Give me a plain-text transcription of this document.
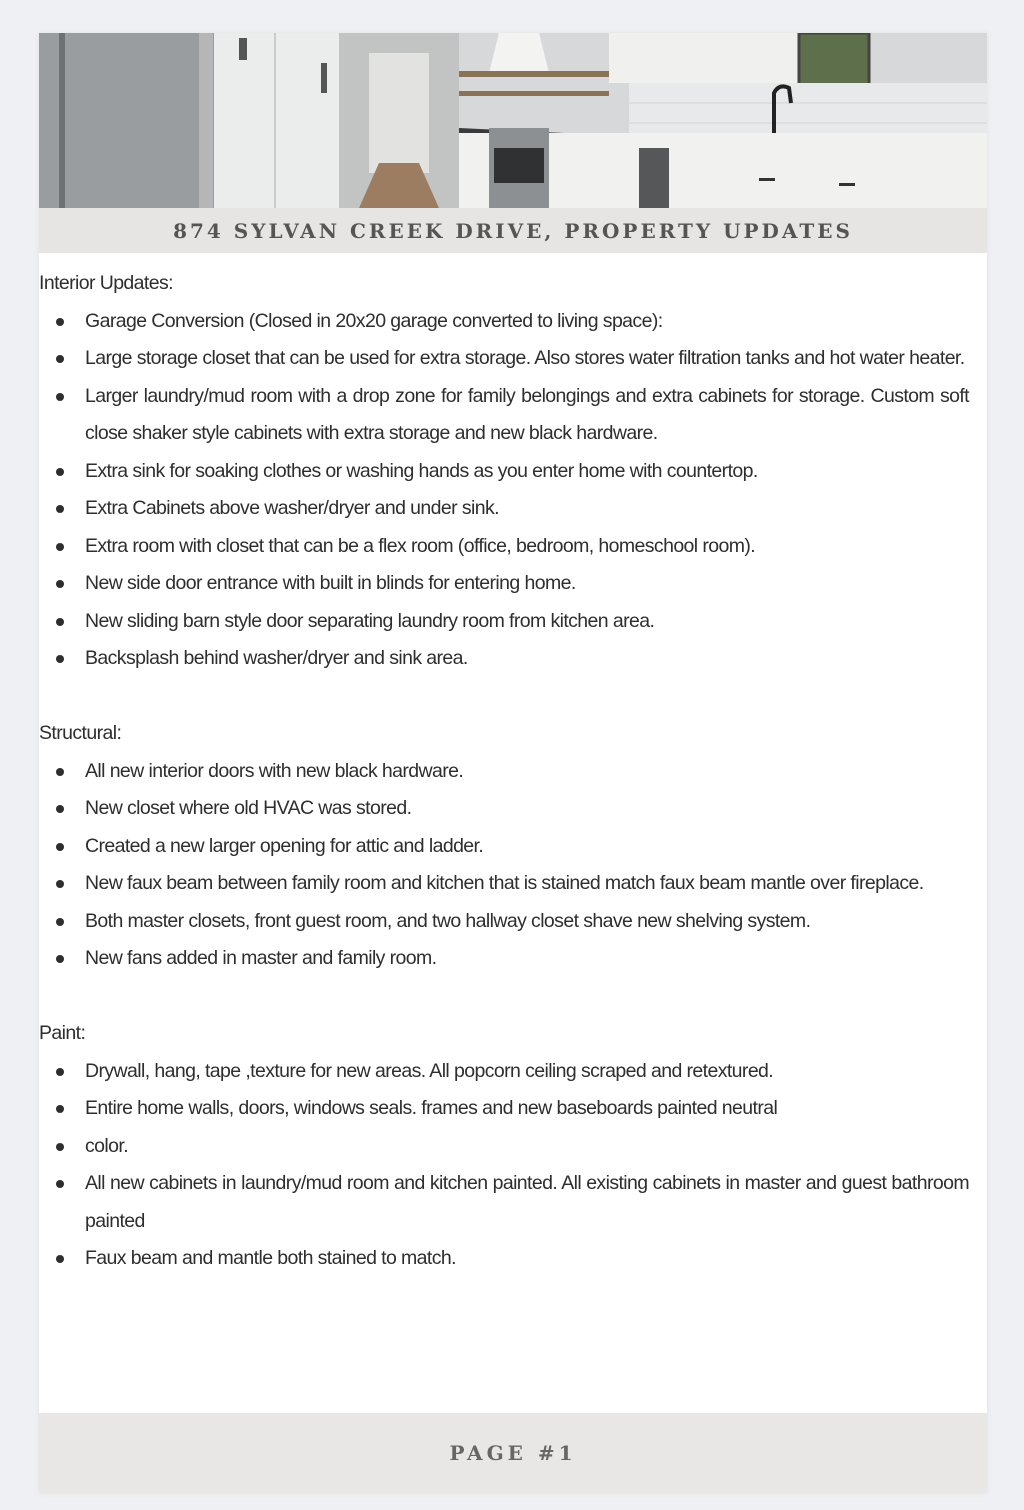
874 SYLVAN CREEK DRIVE, PROPERTY UPDATES
Interior Updates:
Garage Conversion (Closed in 20x20 garage converted to living space):
Large storage closet that can be used for extra storage. Also stores water filtration tanks and hot water heater.
Larger laundry/mud room with a drop zone for family belongings and extra cabinets for storage. Custom soft close shaker style cabinets with extra storage and new black hardware.
Extra sink for soaking clothes or washing hands as you enter home with countertop.
Extra Cabinets above washer/dryer and under sink.
Extra room with closet that can be a flex room (office, bedroom, homeschool room).
New side door entrance with built in blinds for entering home.
New sliding barn style door separating laundry room from kitchen area.
Backsplash behind washer/dryer and sink area.
Structural:
All new interior doors with new black hardware.
New closet where old HVAC was stored.
Created a new larger opening for attic and ladder.
New faux beam between family room and kitchen that is stained match faux beam mantle over fireplace.
Both master closets, front guest room, and two hallway closet shave new shelving system.
New fans added in master and family room.
Paint:
Drywall, hang, tape ,texture for new areas. All popcorn ceiling scraped and retextured.
Entire home walls, doors, windows seals. frames and new baseboards painted neutral
color.
All new cabinets in laundry/mud room and kitchen painted. All existing cabinets in master and guest bathroom painted
Faux beam and mantle both stained to match.
PAGE #1
